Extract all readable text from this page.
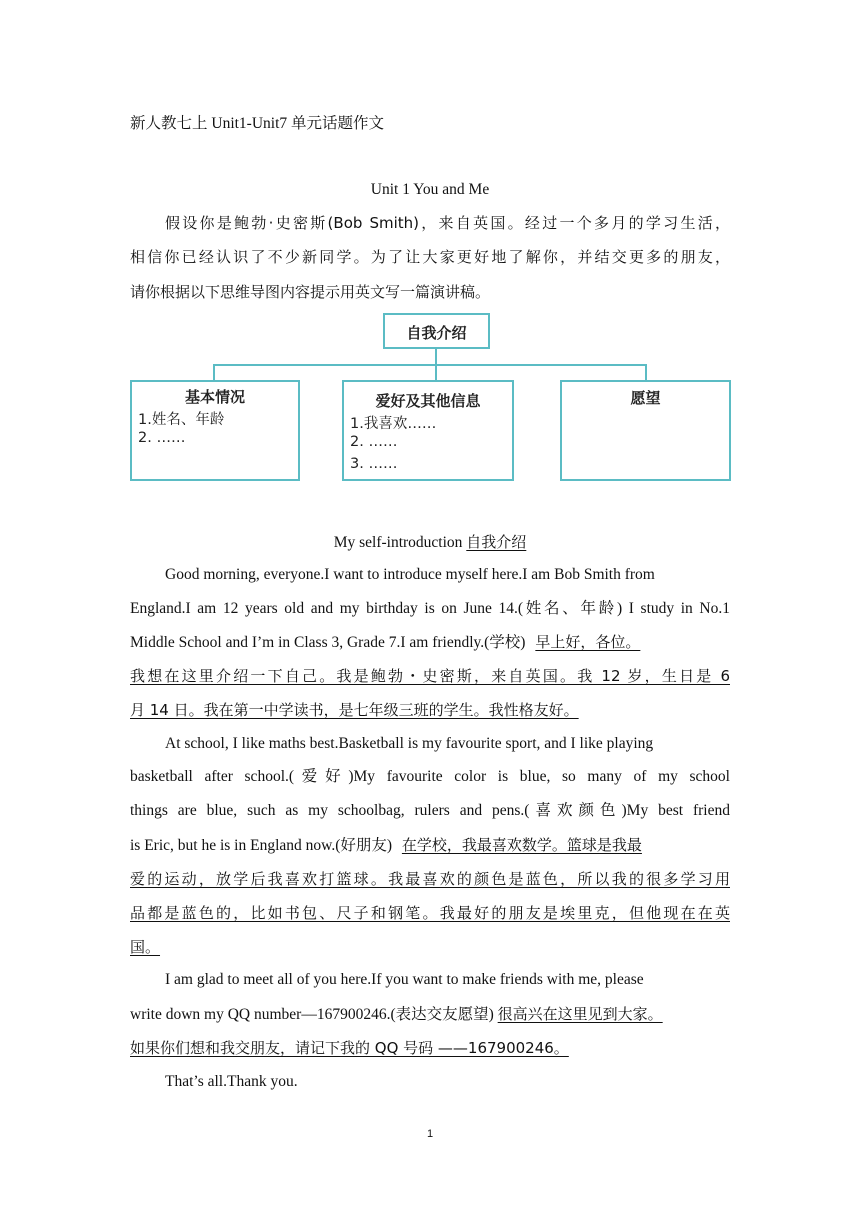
新人教七上 Unit1-Unit7 单元话题作文
Unit 1 You and Me
假设你是鲍勃·史密斯(Bob Smith)，来自英国。经过一个多月的学习生活，
相信你已经认识了不少新同学。为了让大家更好地了解你，并结交更多的朋友，
请你根据以下思维导图内容提示用英文写一篇演讲稿。
自我介绍
基本情况
1.姓名、年龄
2. ……
爱好及其他信息
1.我喜欢……
2. ……
3. ……
愿望
My self-introduction 自我介绍
Good morning, everyone.I want to introduce myself here.I am Bob Smith from
England.I am 12 years old and my birthday is on June 14.(姓名、年龄) I study in No.1
Middle School and I’m in Class 3, Grade 7.I am friendly.(学校) 早上好，各位。
我想在这里介绍一下自己。我是鲍勃・史密斯，来自英国。我 12 岁，生日是 6
月 14 日。我在第一中学读书，是七年级三班的学生。我性格友好。
At school, I like maths best.Basketball is my favourite sport, and I like playing
basketball after school.(爱好)My favourite color is blue, so many of my school
things are blue, such as my schoolbag, rulers and pens.(喜欢颜色)My best friend
is Eric, but he is in England now.(好朋友) 在学校，我最喜欢数学。篮球是我最
爱的运动，放学后我喜欢打篮球。我最喜欢的颜色是蓝色，所以我的很多学习用
品都是蓝色的，比如书包、尺子和钢笔。我最好的朋友是埃里克，但他现在在英
国。
I am glad to meet all of you here.If you want to make friends with me, please
write down my QQ number—167900246.(表达交友愿望) 很高兴在这里见到大家。
如果你们想和我交朋友，请记下我的 QQ 号码 ——167900246。
That’s all.Thank you.
1
